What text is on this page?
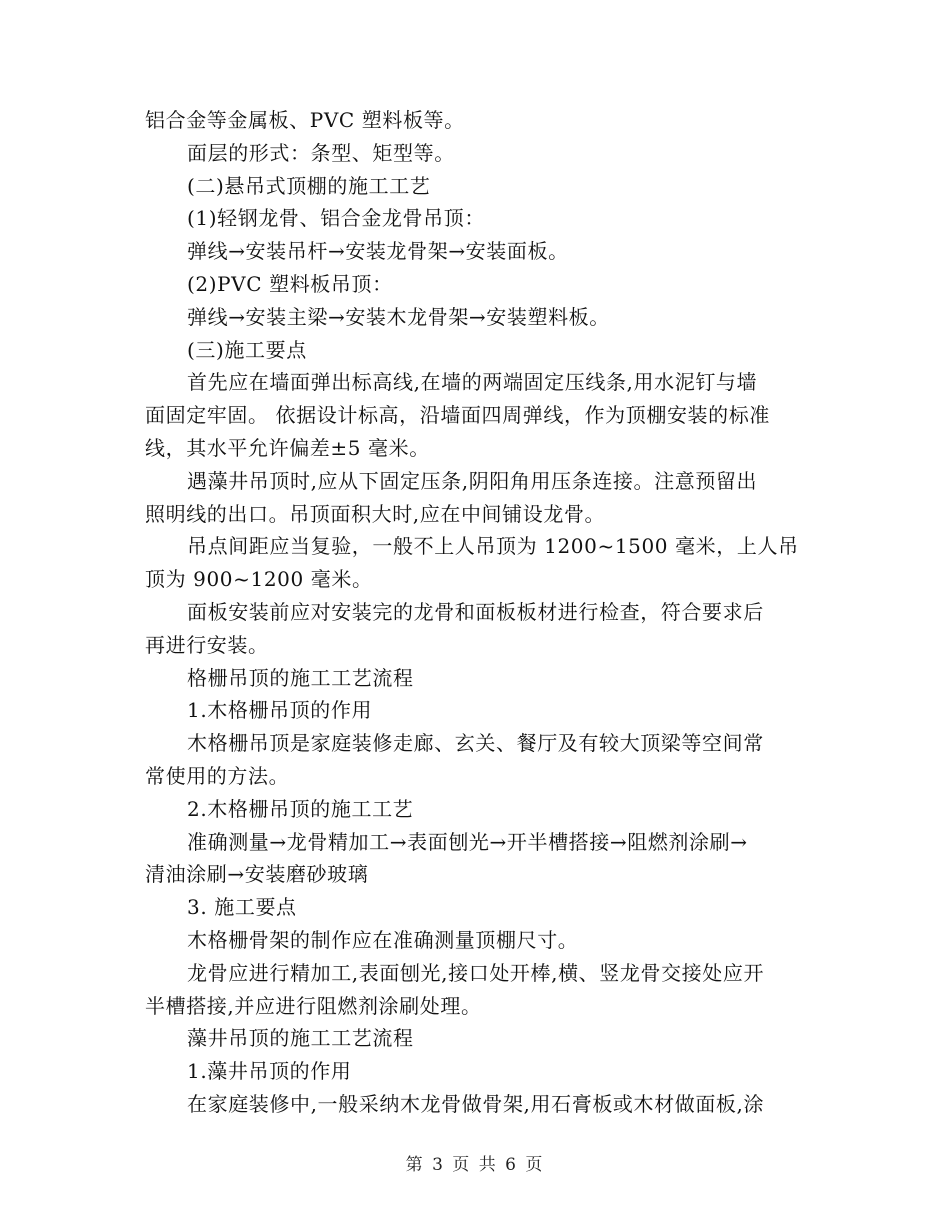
铝合金等金属板、PVC 塑料板等。
面层的形式：条型、矩型等。
(二)悬吊式顶棚的施工工艺
(1)轻钢龙骨、铝合金龙骨吊顶：
弹线→安装吊杆→安装龙骨架→安装面板。
(2)PVC 塑料板吊顶：
弹线→安装主梁→安装木龙骨架→安装塑料板。
(三)施工要点
首先应在墙面弹出标高线,在墙的两端固定压线条,用水泥钉与墙
面固定牢固。 依据设计标高，沿墙面四周弹线，作为顶棚安装的标准
线，其水平允许偏差±5 毫米。
遇藻井吊顶时,应从下固定压条,阴阳角用压条连接。注意预留出
照明线的出口。吊顶面积大时,应在中间铺设龙骨。
吊点间距应当复验，一般不上人吊顶为 1200~1500 毫米，上人吊
顶为 900~1200 毫米。
面板安装前应对安装完的龙骨和面板板材进行检查，符合要求后
再进行安装。
格栅吊顶的施工工艺流程
1.木格栅吊顶的作用
木格栅吊顶是家庭装修走廊、玄关、餐厅及有较大顶梁等空间常
常使用的方法。
2.木格栅吊顶的施工工艺
准确测量→龙骨精加工→表面刨光→开半槽搭接→阻燃剂涂刷→
清油涂刷→安装磨砂玻璃
3. 施工要点
木格栅骨架的制作应在准确测量顶棚尺寸。
龙骨应进行精加工,表面刨光,接口处开棒,横、竖龙骨交接处应开
半槽搭接,并应进行阻燃剂涂刷处理。
藻井吊顶的施工工艺流程
1.藻井吊顶的作用
在家庭装修中,一般采纳木龙骨做骨架,用石膏板或木材做面板,涂
第 3 页 共 6 页
